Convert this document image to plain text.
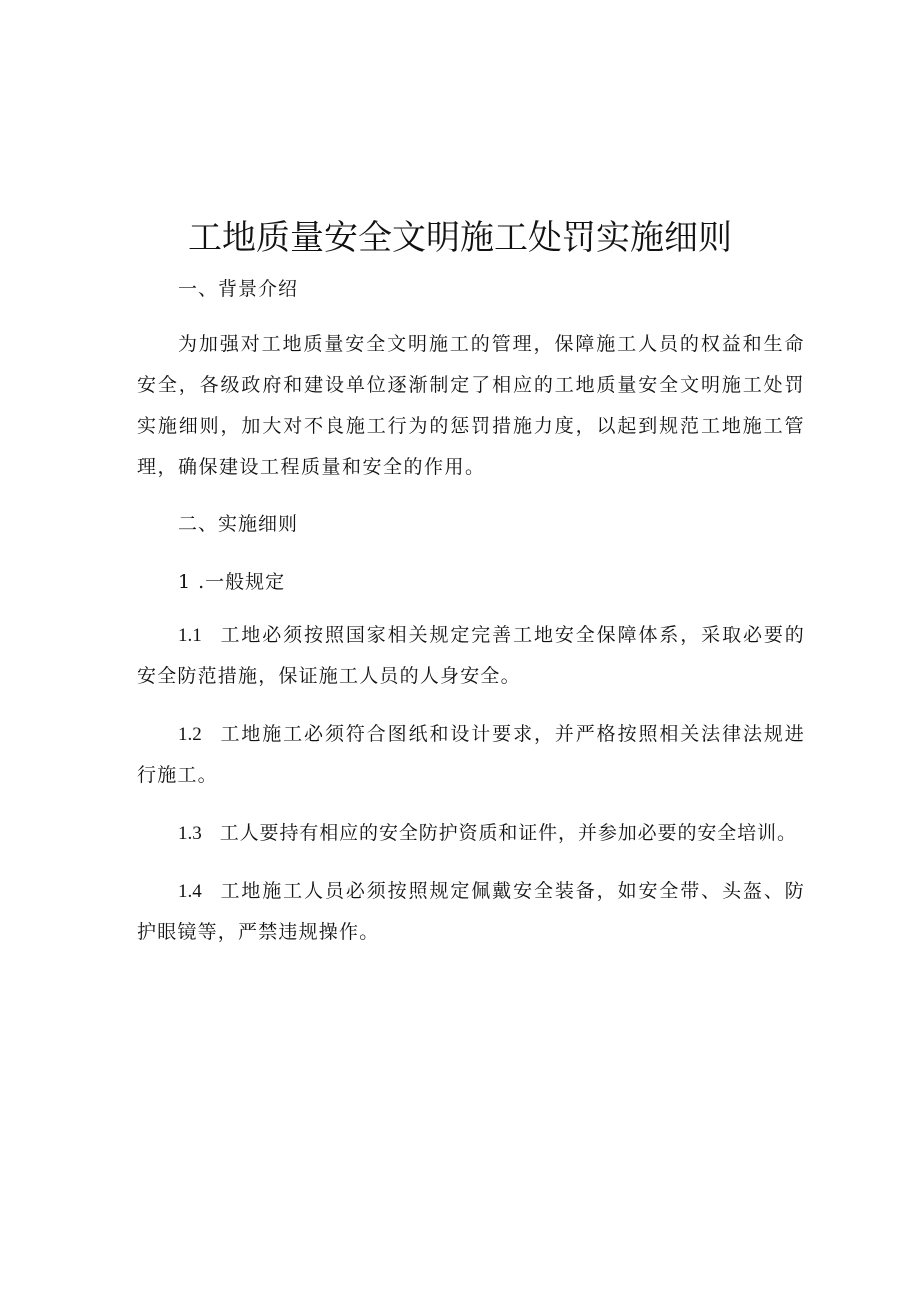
工地质量安全文明施工处罚实施细则

一、背景介绍

为加强对工地质量安全文明施工的管理，保障施工人员的权益和生命安全，各级政府和建设单位逐渐制定了相应的工地质量安全文明施工处罚实施细则，加大对不良施工行为的惩罚措施力度，以起到规范工地施工管理，确保建设工程质量和安全的作用。

二、实施细则

1 .一般规定

1.1 工地必须按照国家相关规定完善工地安全保障体系，采取必要的安全防范措施，保证施工人员的人身安全。

1.2 工地施工必须符合图纸和设计要求，并严格按照相关法律法规进行施工。

1.3 工人要持有相应的安全防护资质和证件，并参加必要的安全培训。

1.4 工地施工人员必须按照规定佩戴安全装备，如安全带、头盔、防护眼镜等，严禁违规操作。
